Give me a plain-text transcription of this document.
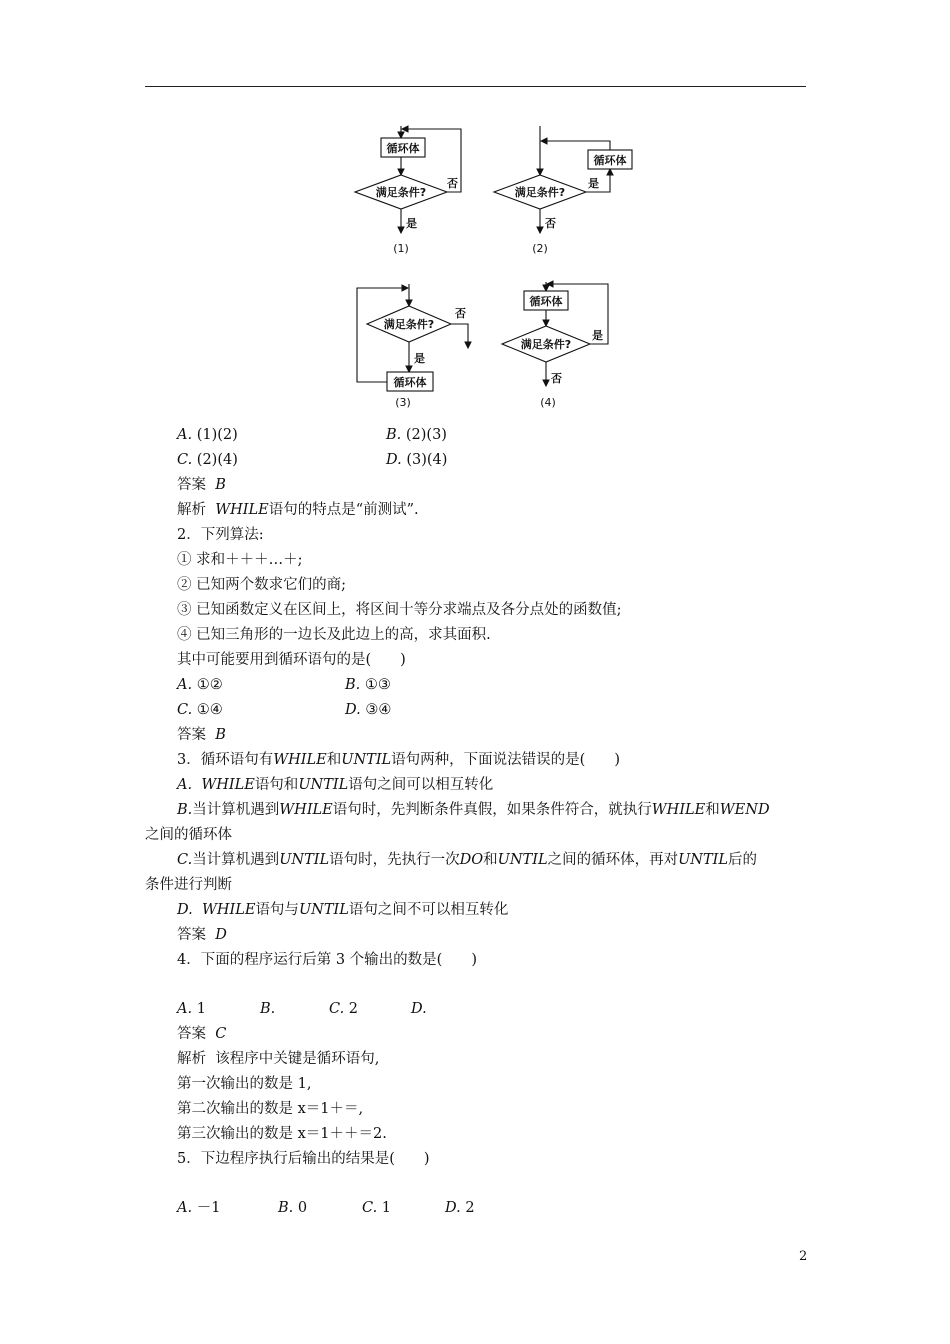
循环体
满足条件?
否
是
(1)
循环体
满足条件?
是
否
(2)
满足条件?
否
是
循环体
(3)
循环体
满足条件?
是
否
(4)
A. (1)(2)	B. (2)(3)
C. (2)(4)	D. (3)(4)
答案 B
解析 WHILE语句的特点是“前测试”.
2．下列算法:
① 求和＋＋＋…＋;
② 已知两个数求它们的商;
③ 已知函数定义在区间上，将区间十等分求端点及各分点处的函数值;
④ 已知三角形的一边长及此边上的高，求其面积.
其中可能要用到循环语句的是(　　)
A. ①②	B. ①③
C. ①④	D. ③④
答案 B
3．循环语句有WHILE和UNTIL语句两种，下面说法错误的是(　　)
A. WHILE语句和UNTIL语句之间可以相互转化
B.当计算机遇到WHILE语句时，先判断条件真假，如果条件符合，就执行WHILE和WEND
之间的循环体
C.当计算机遇到UNTIL语句时，先执行一次DO和UNTIL之间的循环体，再对UNTIL后的
条件进行判断
D. WHILE语句与UNTIL语句之间不可以相互转化
答案 D
4．下面的程序运行后第 3 个输出的数是(　　)
A. 1	B.	C. 2	D.
答案 C
解析 该程序中关键是循环语句,
第一次输出的数是 1,
第二次输出的数是 x＝1＋＝,
第三次输出的数是 x＝1＋＋＝2.
5．下边程序执行后输出的结果是(　　)
A. －1	B. 0	C. 1	D. 2
2
